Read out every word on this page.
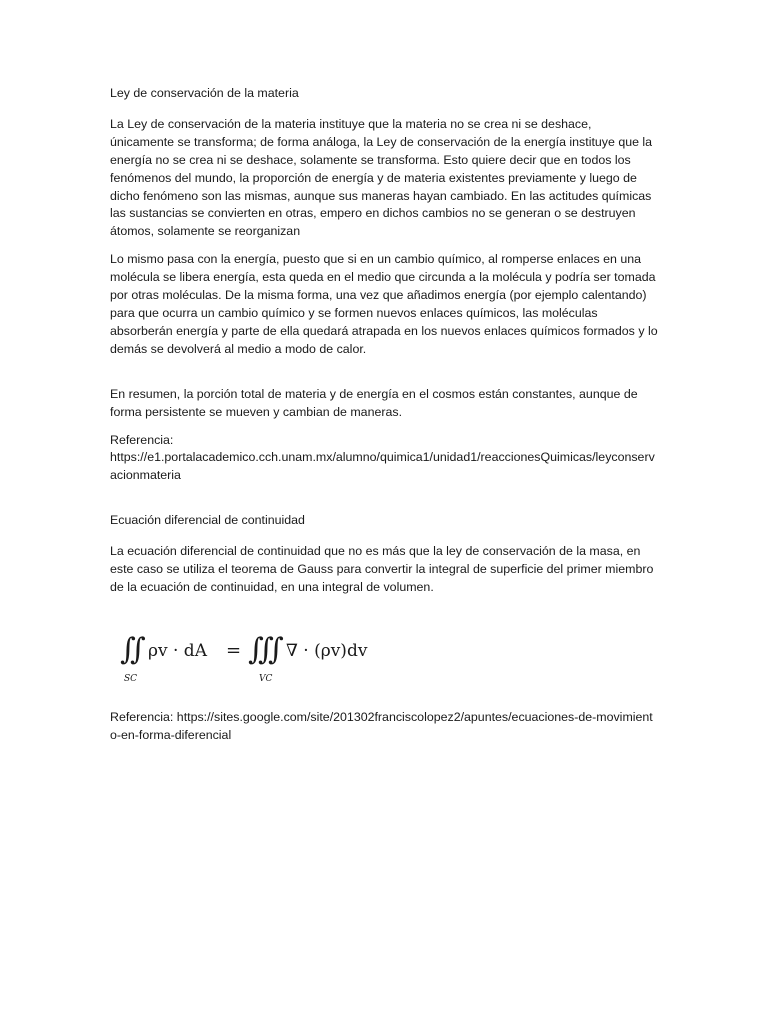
Ley de conservación de la materia

La Ley de conservación de la materia instituye que la materia no se crea ni se deshace, únicamente se transforma; de forma análoga, la Ley de conservación de la energía instituye que la energía no se crea ni se deshace, solamente se transforma. Esto quiere decir que en todos los fenómenos del mundo, la proporción de energía y de materia existentes previamente y luego de dicho fenómeno son las mismas, aunque sus maneras hayan cambiado. En las actitudes químicas las sustancias se convierten en otras, empero en dichos cambios no se generan o se destruyen átomos, solamente se reorganizan

Lo mismo pasa con la energía, puesto que si en un cambio químico, al romperse enlaces en una molécula se libera energía, esta queda en el medio que circunda a la molécula y podría ser tomada por otras moléculas. De la misma forma, una vez que añadimos energía (por ejemplo calentando) para que ocurra un cambio químico y se formen nuevos enlaces químicos, las moléculas absorberán energía y parte de ella quedará atrapada en los nuevos enlaces químicos formados y lo demás se devolverá al medio a modo de calor.

En resumen, la porción total de materia y de energía en el cosmos están constantes, aunque de forma persistente se mueven y cambian de maneras.

Referencia:

https://e1.portalacademico.cch.unam.mx/alumno/quimica1/unidad1/reaccionesQuimicas/leyconservacionmateria

Ecuación diferencial de continuidad

La ecuación diferencial de continuidad que no es más que la ley de conservación de la masa, en este caso se utiliza el teorema de Gauss para convertir la integral de superficie del primer miembro de la ecuación de continuidad, en una integral de volumen.

∬ ρv · dA = ∭ ∇ · (ρv)dv
SC	VC

Referencia: https://sites.google.com/site/201302franciscolopez2/apuntes/ecuaciones-de-movimiento-en-forma-diferencial
